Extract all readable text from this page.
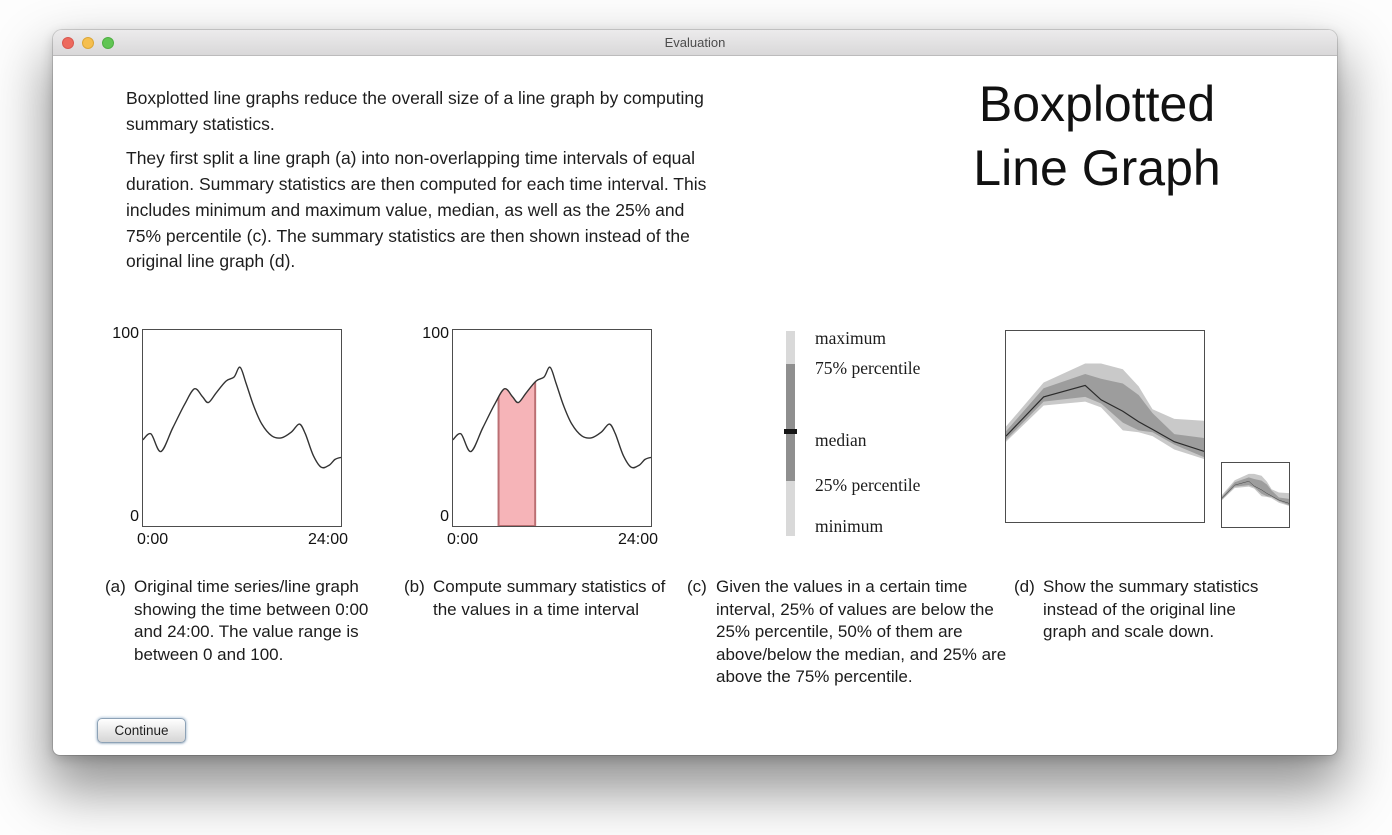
Evaluation

Boxplotted line graphs reduce the overall size of a line graph by computing summary statistics.

They first split a line graph (a) into non-overlapping time intervals of equal duration. Summary statistics are then computed for each time interval. This includes minimum and maximum value, median, as well as the 25% and 75% percentile (c). The summary statistics are then shown instead of the original line graph (d).

Boxplotted
Line Graph
100
0
0:00	24:00
100
0
0:00	24:00
maximum
75% percentile
median
25% percentile
minimum
(a) Original time series/line graph showing the time between 0:00 and 24:00. The value range is between 0 and 100.
(b) Compute summary statistics of the values in a time interval
(c) Given the values in a certain time interval, 25% of values are below the 25% percentile, 50% of them are above/below the median, and 25% are above the 75% percentile.
(d) Show the summary statistics instead of the original line graph and scale down.
Continue
